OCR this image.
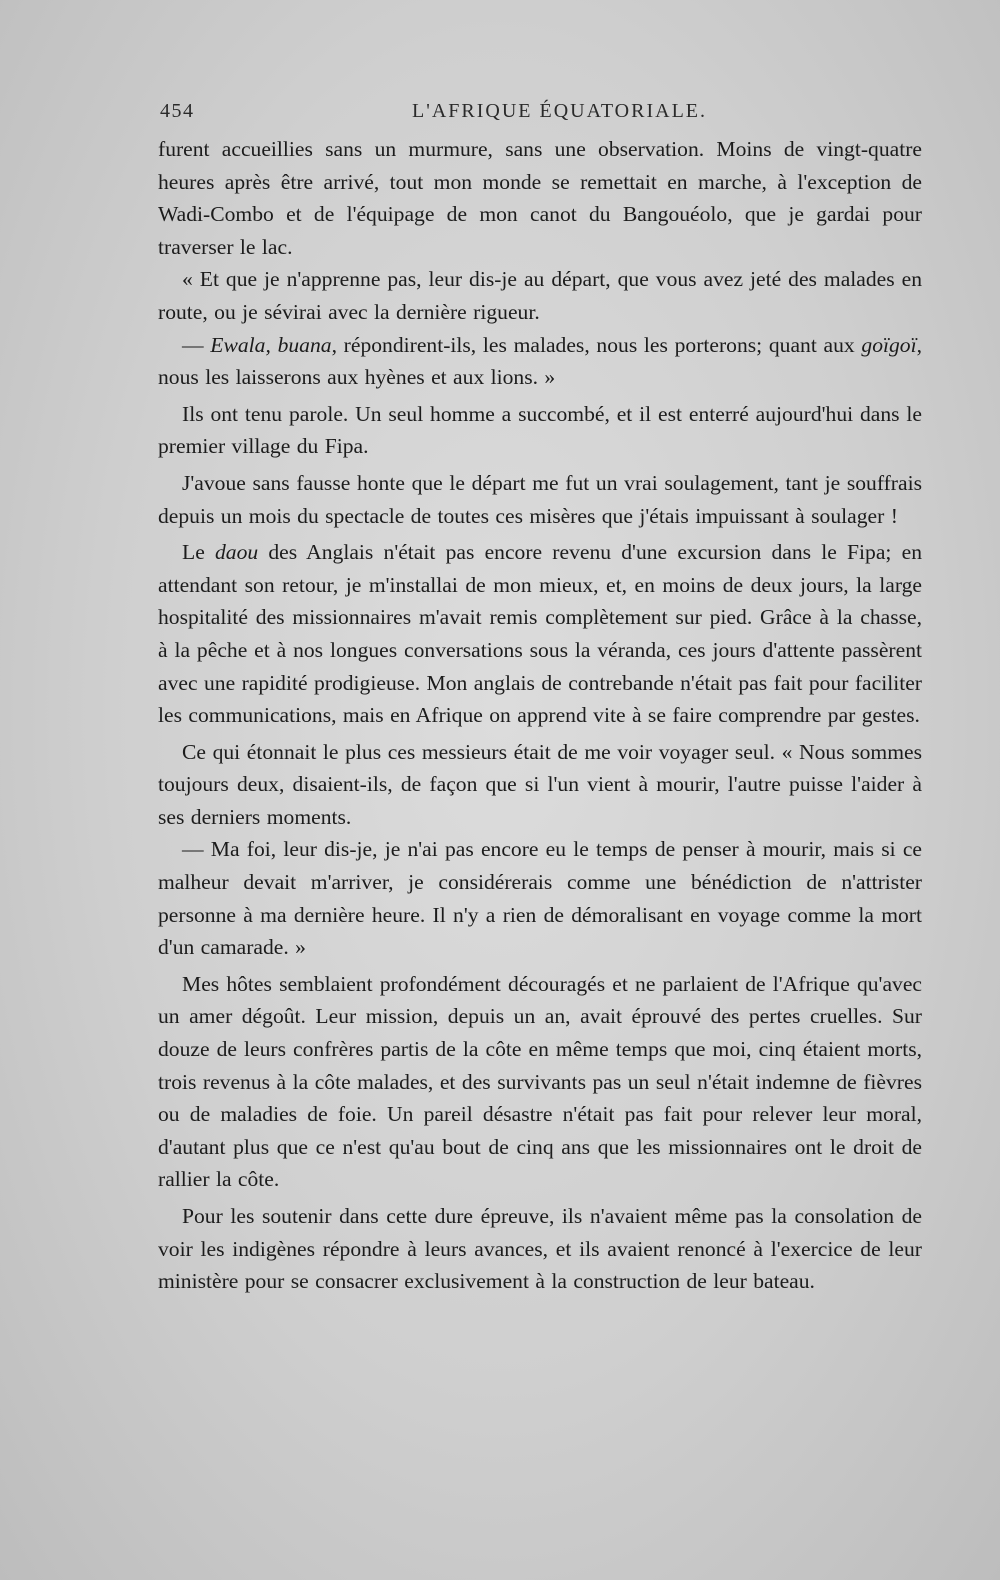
454	L'AFRIQUE ÉQUATORIALE.

furent accueillies sans un murmure, sans une observation. Moins de vingt-quatre heures après être arrivé, tout mon monde se remettait en marche, à l'exception de Wadi-Combo et de l'équipage de mon canot du Bangouéolo, que je gardai pour traverser le lac.

« Et que je n'apprenne pas, leur dis-je au départ, que vous avez jeté des malades en route, ou je sévirai avec la dernière rigueur.

— Ewala, buana, répondirent-ils, les malades, nous les porterons; quant aux goïgoï, nous les laisserons aux hyènes et aux lions. »

Ils ont tenu parole. Un seul homme a succombé, et il est enterré aujourd'hui dans le premier village du Fipa.

J'avoue sans fausse honte que le départ me fut un vrai soulagement, tant je souffrais depuis un mois du spectacle de toutes ces misères que j'étais impuissant à soulager !

Le daou des Anglais n'était pas encore revenu d'une excursion dans le Fipa; en attendant son retour, je m'installai de mon mieux, et, en moins de deux jours, la large hospitalité des missionnaires m'avait remis complètement sur pied. Grâce à la chasse, à la pêche et à nos longues conversations sous la véranda, ces jours d'attente passèrent avec une rapidité prodigieuse. Mon anglais de contrebande n'était pas fait pour faciliter les communications, mais en Afrique on apprend vite à se faire comprendre par gestes.

Ce qui étonnait le plus ces messieurs était de me voir voyager seul. « Nous sommes toujours deux, disaient-ils, de façon que si l'un vient à mourir, l'autre puisse l'aider à ses derniers moments.

— Ma foi, leur dis-je, je n'ai pas encore eu le temps de penser à mourir, mais si ce malheur devait m'arriver, je considérerais comme une bénédiction de n'attrister personne à ma dernière heure. Il n'y a rien de démoralisant en voyage comme la mort d'un camarade. »

Mes hôtes semblaient profondément découragés et ne parlaient de l'Afrique qu'avec un amer dégoût. Leur mission, depuis un an, avait éprouvé des pertes cruelles. Sur douze de leurs confrères partis de la côte en même temps que moi, cinq étaient morts, trois revenus à la côte malades, et des survivants pas un seul n'était indemne de fièvres ou de maladies de foie. Un pareil désastre n'était pas fait pour relever leur moral, d'autant plus que ce n'est qu'au bout de cinq ans que les missionnaires ont le droit de rallier la côte.

Pour les soutenir dans cette dure épreuve, ils n'avaient même pas la consolation de voir les indigènes répondre à leurs avances, et ils avaient renoncé à l'exercice de leur ministère pour se consacrer exclusivement à la construction de leur bateau.
